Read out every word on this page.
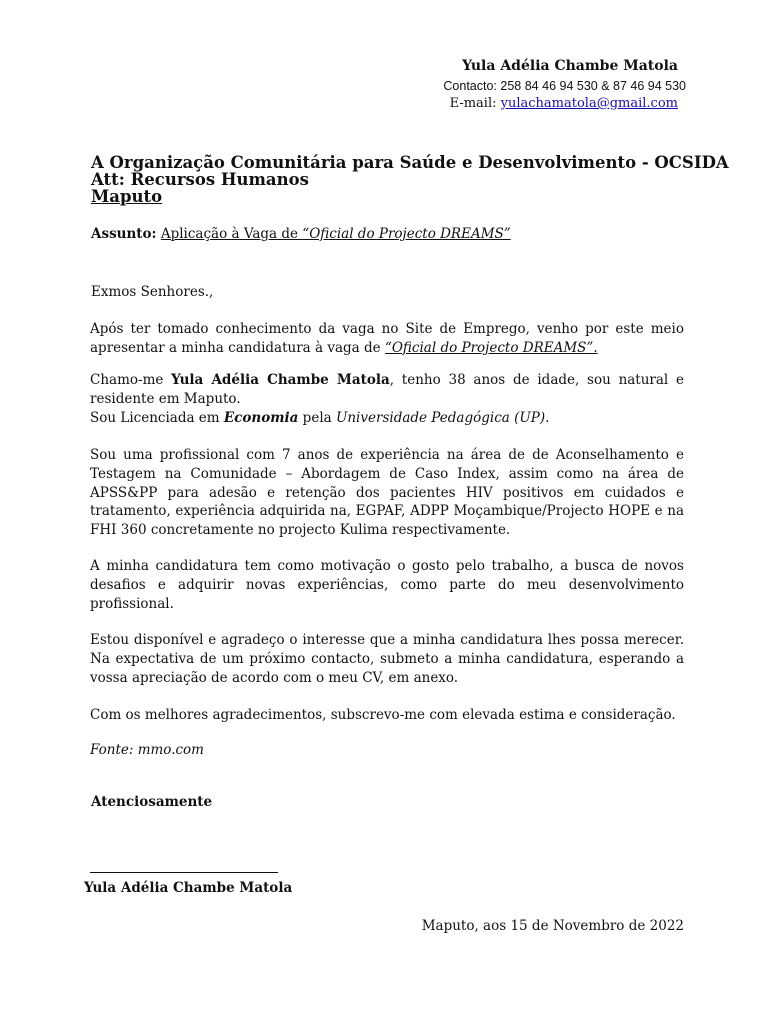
Yula Adélia Chambe Matola
Contacto: 258 84 46 94 530 & 87 46 94 530
E-mail: yulachamatola@gmail.com
A Organização Comunitária para Saúde e Desenvolvimento - OCSIDA
Att: Recursos Humanos
Maputo
Assunto: Aplicação à Vaga de “Oficial do Projecto DREAMS”
Exmos Senhores.,

Após ter tomado conhecimento da vaga no Site de Emprego, venho por este meio apresentar a minha candidatura à vaga de “Oficial do Projecto DREAMS”.

Chamo-me Yula Adélia Chambe Matola, tenho 38 anos de idade, sou natural e residente em Maputo.
Sou Licenciada em Economia pela Universidade Pedagógica (UP).

Sou uma profissional com 7 anos de experiência na área de de Aconselhamento e Testagem na Comunidade – Abordagem de Caso Index, assim como na área de APSS&PP para adesão e retenção dos pacientes HIV positivos em cuidados e tratamento, experiência adquirida na, EGPAF, ADPP Moçambique/Projecto HOPE e na FHI 360 concretamente no projecto Kulima respectivamente.

A minha candidatura tem como motivação o gosto pelo trabalho, a busca de novos desafios e adquirir novas experiências, como parte do meu desenvolvimento profissional.

Estou disponível e agradeço o interesse que a minha candidatura lhes possa merecer. Na expectativa de um próximo contacto, submeto a minha candidatura, esperando a vossa apreciação de acordo com o meu CV, em anexo.

Com os melhores agradecimentos, subscrevo-me com elevada estima e consideração.

Fonte: mmo.com
Atenciosamente
Yula Adélia Chambe Matola
Maputo, aos 15 de Novembro de 2022
